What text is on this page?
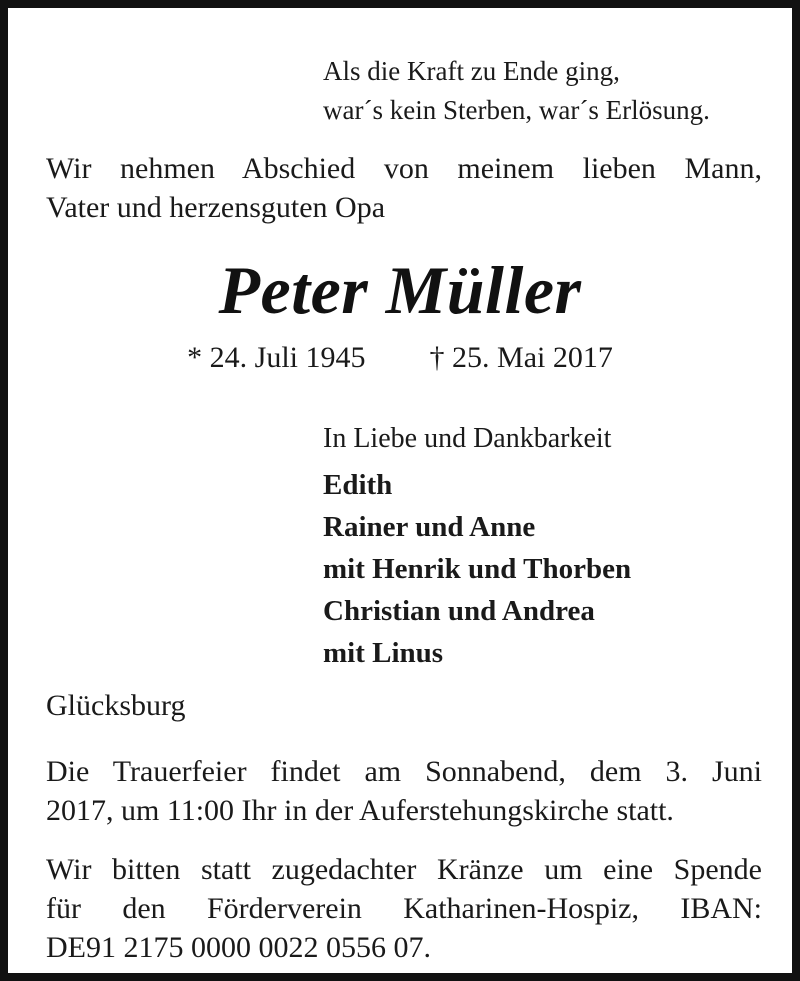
Als die Kraft zu Ende ging,
war´s kein Sterben, war´s Erlösung.
Wir nehmen Abschied von meinem lieben Mann,
Vater und herzensguten Opa
Peter Müller
* 24. Juli 1945 † 25. Mai 2017
In Liebe und Dankbarkeit
Edith
Rainer und Anne
mit Henrik und Thorben
Christian und Andrea
mit Linus
Glücksburg
Die Trauerfeier findet am Sonnabend, dem 3. Juni
2017, um 11:00 Ihr in der Auferstehungskirche statt.
Wir bitten statt zugedachter Kränze um eine Spende
für den Förderverein Katharinen-Hospiz, IBAN:
DE91 2175 0000 0022 0556 07.
